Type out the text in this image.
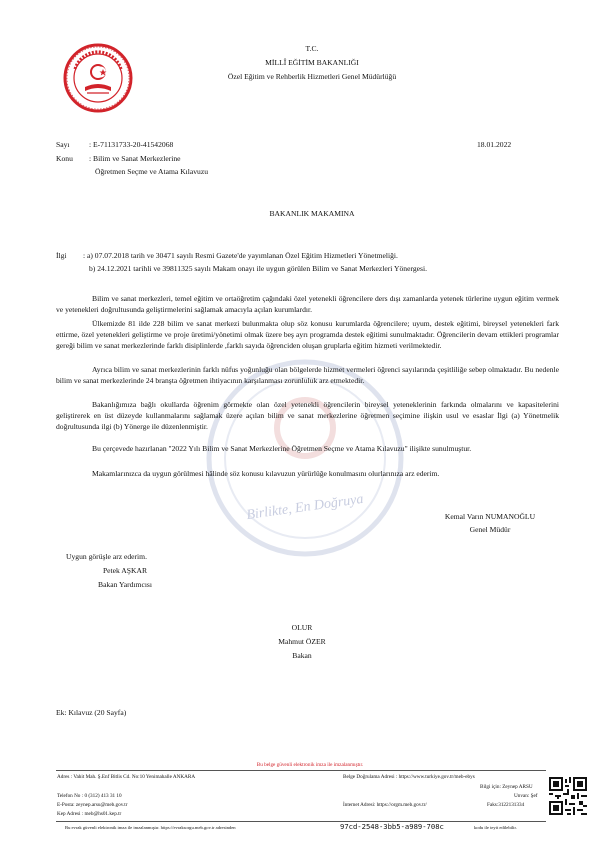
T.C.
MİLLÎ EĞİTİM BAKANLIĞI
Özel Eğitim ve Rehberlik Hizmetleri Genel Müdürlüğü
Sayı	: E-71131733-20-41542068	18.01.2022
Konu : Bilim ve Sanat Merkezlerine
Öğretmen Seçme ve Atama Kılavuzu
BAKANLIK MAKAMINA
İlgi : a) 07.07.2018 tarih ve 30471 sayılı Resmi Gazete'de yayımlanan Özel Eğitim Hizmetleri Yönetmeliği.
b) 24.12.2021 tarihli ve 39811325 sayılı Makam onayı ile uygun görülen Bilim ve Sanat Merkezleri Yönergesi.
Birlikte, En Doğruya
Bilim ve sanat merkezleri, temel eğitim ve ortaöğretim çağındaki özel yetenekli öğrencilere ders dışı zamanlarda yetenek türlerine uygun eğitim vermek ve yetenekleri doğrultusunda geliştirmelerini sağlamak amacıyla açılan kurumlardır.
Ülkemizde 81 ilde 228 bilim ve sanat merkezi bulunmakta olup söz konusu kurumlarda öğrencilere; uyum, destek eğitimi, bireysel yetenekleri fark ettirme, özel yetenekleri geliştirme ve proje üretimi/yönetimi olmak üzere beş ayrı programda destek eğitimi sunulmaktadır. Öğrencilerin devam ettikleri programlar gereği bilim ve sanat merkezlerinde farklı disiplinlerde ,farklı sayıda öğrenciden oluşan gruplarla eğitim hizmeti verilmektedir.
Ayrıca bilim ve sanat merkezlerinin farklı nüfus yoğunluğu olan bölgelerde hizmet vermeleri öğrenci sayılarında çeşitliliğe sebep olmaktadır. Bu nedenle bilim ve sanat merkezlerinde 24 branşta öğretmen ihtiyacının karşılanması zorunluluk arz etmektedir.
Bakanlığımıza bağlı okullarda öğrenim görmekte olan özel yetenekli öğrencilerin bireysel yeteneklerinin farkında olmalarını ve kapasitelerini geliştirerek en üst düzeyde kullanmalarını sağlamak üzere açılan bilim ve sanat merkezlerine öğretmen seçimine ilişkin usul ve esaslar İlgi (a) Yönetmelik doğrultusunda ilgi (b) Yönerge ile düzenlenmiştir.
Bu çerçevede hazırlanan "2022 Yılı Bilim ve Sanat Merkezlerine Öğretmen Seçme ve Atama Kılavuzu" ilişikte sunulmuştur.
Makamlarınızca da uygun görülmesi hâlinde söz konusu kılavuzun yürürlüğe konulmasını olurlarınıza arz ederim.
Kemal Varın NUMANOĞLU
Genel Müdür
Uygun görüşle arz ederim.
Petek AŞKAR
Bakan Yardımcısı
OLUR
Mahmut ÖZER
Bakan
Ek: Kılavuz (20 Sayfa)
Bu belge güvenli elektronik imza ile imzalanmıştır.
Adres : Vahit Mah. Ş.Enf Bitlis Cd. No:10 Yenimahalle ANKARA	Belge Doğrulama Adresi : https://www.turkiye.gov.tr/meb-ebys
Bilgi için: Zeynep ARSU
Unvan: Şef
Telefon No : 0 (312) 413 31 10
İnternet Adresi: https://orgm.meb.gov.tr/	Faks:3122131334
E-Posta: zeynep.arsu@meb.gov.tr
Kep Adresi : meb@hs01.kep.tr
Bu evrak güvenli elektronik imza ile imzalanmıştır. https://evraksorgu.meb.gov.tr adresinden	97cd-2548-3bb5-a989-708c	kodu ile teyit edilebilir.
